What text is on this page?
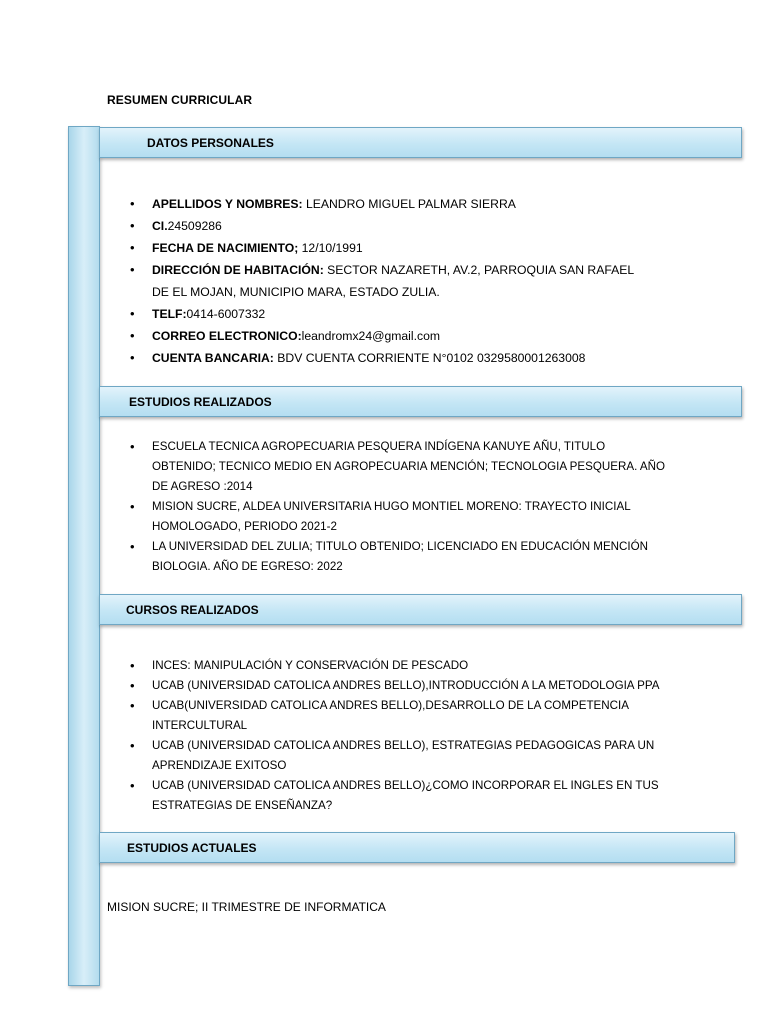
RESUMEN CURRICULAR
DATOS PERSONALES
• APELLIDOS Y NOMBRES: LEANDRO MIGUEL PALMAR SIERRA
• CI.24509286
• FECHA DE NACIMIENTO; 12/10/1991
• DIRECCIÓN DE HABITACIÓN: SECTOR NAZARETH, AV.2, PARROQUIA SAN RAFAEL
DE EL MOJAN, MUNICIPIO MARA, ESTADO ZULIA.
• TELF:0414-6007332
• CORREO ELECTRONICO:leandromx24@gmail.com
• CUENTA BANCARIA: BDV CUENTA CORRIENTE N°0102 0329580001263008
ESTUDIOS REALIZADOS
• ESCUELA TECNICA AGROPECUARIA PESQUERA INDÍGENA KANUYE AÑU, TITULO
OBTENIDO; TECNICO MEDIO EN AGROPECUARIA MENCIÓN; TECNOLOGIA PESQUERA. AÑO
DE AGRESO :2014
• MISION SUCRE, ALDEA UNIVERSITARIA HUGO MONTIEL MORENO: TRAYECTO INICIAL
HOMOLOGADO, PERIODO 2021-2
• LA UNIVERSIDAD DEL ZULIA; TITULO OBTENIDO; LICENCIADO EN EDUCACIÓN MENCIÓN
BIOLOGIA. AÑO DE EGRESO: 2022
CURSOS REALIZADOS
• INCES: MANIPULACIÓN Y CONSERVACIÓN DE PESCADO
• UCAB (UNIVERSIDAD CATOLICA ANDRES BELLO),INTRODUCCIÓN A LA METODOLOGIA PPA
• UCAB(UNIVERSIDAD CATOLICA ANDRES BELLO),DESARROLLO DE LA COMPETENCIA
INTERCULTURAL
• UCAB (UNIVERSIDAD CATOLICA ANDRES BELLO), ESTRATEGIAS PEDAGOGICAS PARA UN
APRENDIZAJE EXITOSO
• UCAB (UNIVERSIDAD CATOLICA ANDRES BELLO)¿COMO INCORPORAR EL INGLES EN TUS
ESTRATEGIAS DE ENSEÑANZA?
ESTUDIOS ACTUALES
MISION SUCRE; II TRIMESTRE DE INFORMATICA
